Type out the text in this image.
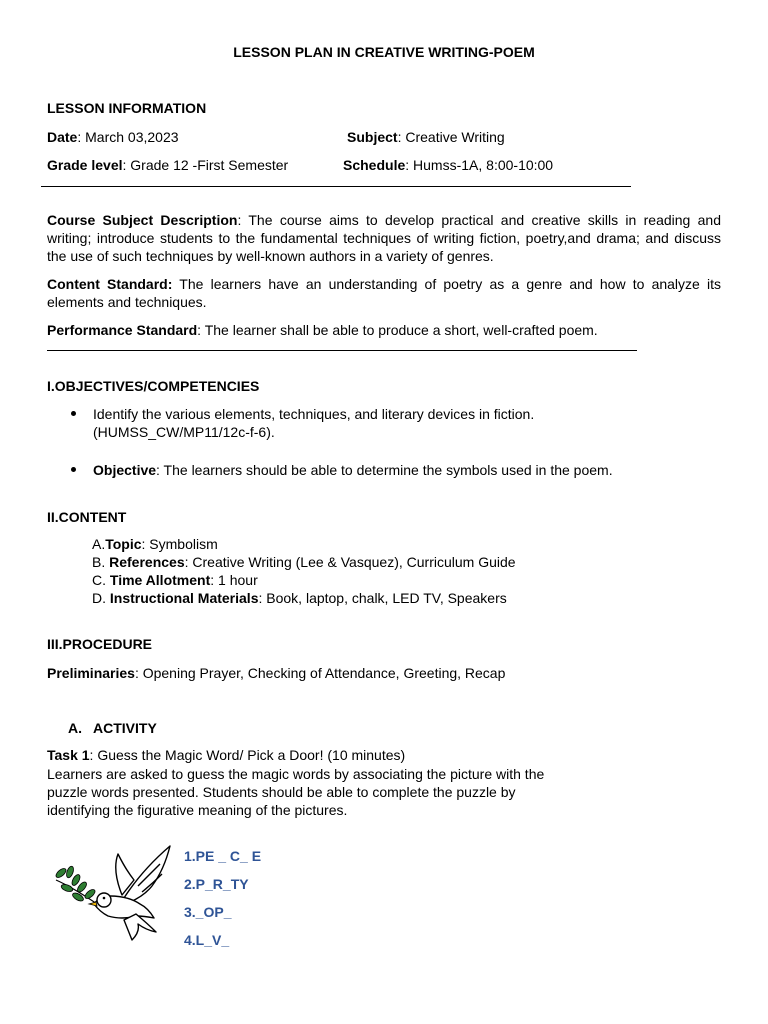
LESSON PLAN IN CREATIVE WRITING-POEM
LESSON INFORMATION
Date: March 03,2023	Subject: Creative Writing
Grade level: Grade 12 -First Semester	Schedule: Humss-1A, 8:00-10:00
Course Subject Description: The course aims to develop practical and creative skills in reading and writing; introduce students to the fundamental techniques of writing fiction, poetry,and drama; and discuss the use of such techniques by well-known authors in a variety of genres.
Content Standard: The learners have an understanding of poetry as a genre and how to analyze its elements and techniques.
Performance Standard: The learner shall be able to produce a short, well-crafted poem.
I.OBJECTIVES/COMPETENCIES
Identify the various elements, techniques, and literary devices in fiction.
(HUMSS_CW/MP11/12c-f-6).
Objective: The learners should be able to determine the symbols used in the poem.
II.CONTENT
A.Topic: Symbolism
B. References: Creative Writing (Lee & Vasquez), Curriculum Guide
C. Time Allotment: 1 hour
D. Instructional Materials: Book, laptop, chalk, LED TV, Speakers
III.PROCEDURE
Preliminaries: Opening Prayer, Checking of Attendance, Greeting, Recap
A. ACTIVITY
Task 1: Guess the Magic Word/ Pick a Door! (10 minutes)
Learners are asked to guess the magic words by associating the picture with the
puzzle words presented. Students should be able to complete the puzzle by
identifying the figurative meaning of the pictures.
1.PE _ C_ E
2.P_R_TY
3._OP_
4.L_V_
